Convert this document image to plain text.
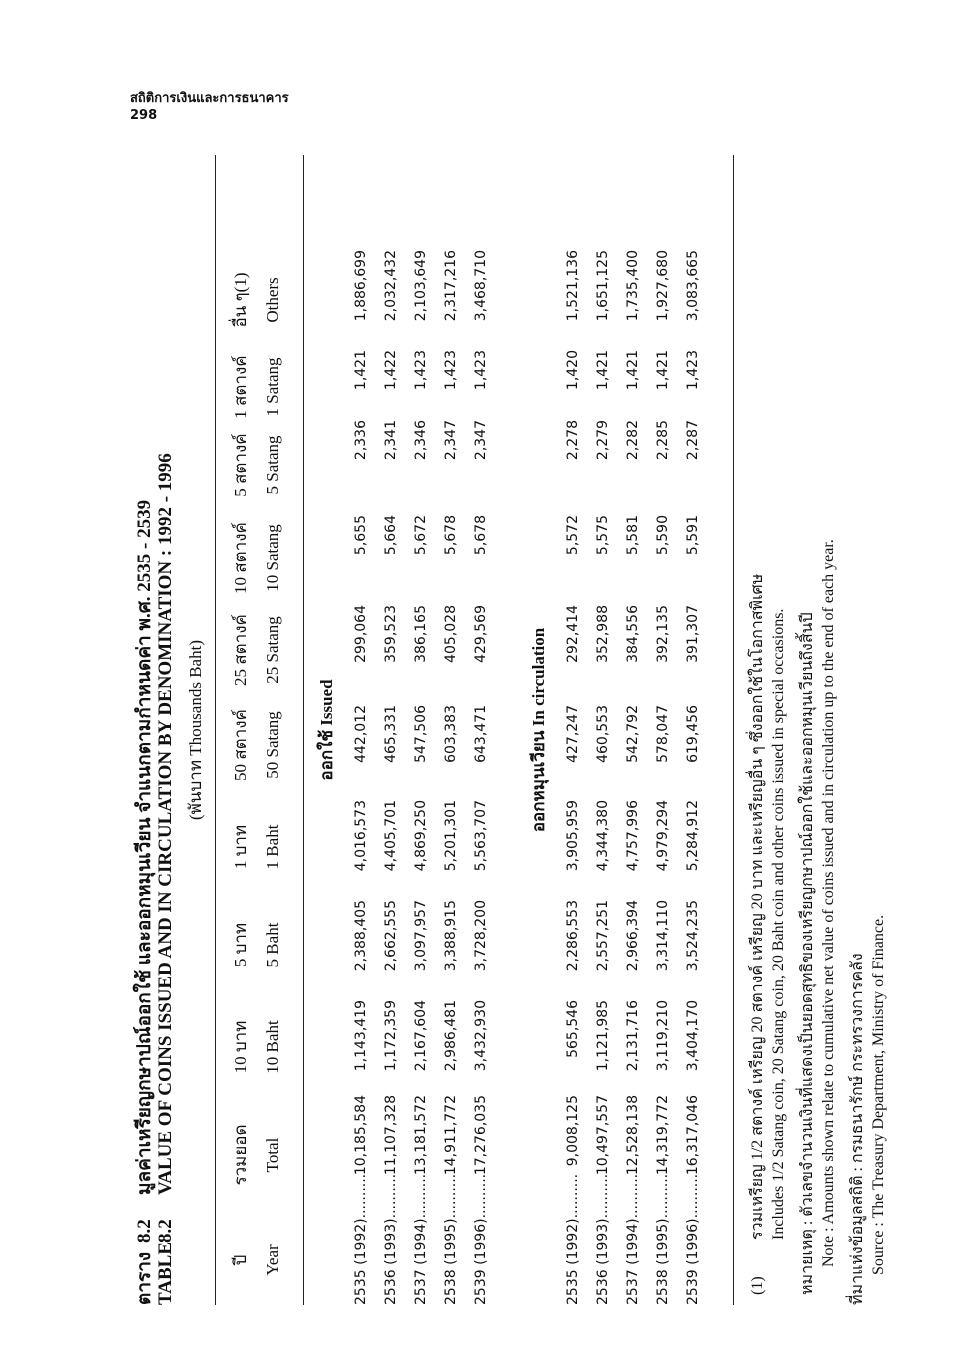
สถิติการเงินและการธนาคาร
298
ตาราง8.2มูลค่าเหรียญกษาปณ์ออกใช้ และออกหมุนเวียน จำแนกตามกำหนดค่า พ.ศ. 2535 - 2539
TABLE8.2VALUE OF COINS ISSUED AND IN CIRCULATION BY DENOMINATION : 1992 - 1996 (พันบาท Thousands Baht)
ปี
รวมยอด
10 บาท
5 บาท
1 บาท
50 สตางค์
25 สตางค์
10 สตางค์
5 สตางค์
1 สตางค์
อื่น ๆ(1)
Year
Total
10 Baht
5 Baht
1 Baht
50 Satang
25 Satang
10 Satang
5 Satang
1 Satang
Others
ออกใช้ Issued
2535 (1992)..........
10,185,584
1,143,419
2,388,405
4,016,573
442,012
299,064
5,655
2,336
1,421
1,886,699
2536 (1993)..........
11,107,328
1,172,359
2,662,555
4,405,701
465,331
359,523
5,664
2,341
1,422
2,032,432
2537 (1994)..........
13,181,572
2,167,604
3,097,957
4,869,250
547,506
386,165
5,672
2,346
1,423
2,103,649
2538 (1995)..........
14,911,772
2,986,481
3,388,915
5,201,301
603,383
405,028
5,678
2,347
1,423
2,317,216
2539 (1996)..........
17,276,035
3,432,930
3,728,200
5,563,707
643,471
429,569
5,678
2,347
1,423
3,468,710
ออกหมุนเวียน In circulation
2535 (1992)..........
9,008,125
565,546
2,286,553
3,905,959
427,247
292,414
5,572
2,278
1,420
1,521,136
2536 (1993)..........
10,497,557
1,121,985
2,557,251
4,344,380
460,553
352,988
5,575
2,279
1,421
1,651,125
2537 (1994)..........
12,528,138
2,131,716
2,966,394
4,757,996
542,792
384,556
5,581
2,282
1,421
1,735,400
2538 (1995)..........
14,319,772
3,119,210
3,314,110
4,979,294
578,047
392,135
5,590
2,285
1,421
1,927,680
2539 (1996)..........
16,317,046
3,404,170
3,524,235
5,284,912
619,456
391,307
5,591
2,287
1,423
3,083,665
(1)รวมเหรียญ 1/2 สตางค์ เหรียญ 20 สตางค์ เหรียญ 20 บาท และเหรียญอื่น ๆ ซึ่งออกใช้ในโอกาสพิเศษ Includes 1/2 Satang coin, 20 Satang coin, 20 Baht coin and other coins issued in special occasions. หมายเหตุ : ตัวเลขจำนวนเงินที่แสดงเป็นยอดสุทธิของเหรียญกษาปณ์ออกใช้และออกหมุนเวียนถึงสิ้นปี Note : Amounts shown relate to cumulative net value of coins issued and in circulation up to the end of each year. ที่มาแห่งข้อมูลสถิติ : กรมธนารักษ์ กระทรวงการคลัง Source : The Treasury Department, Ministry of Finance.
